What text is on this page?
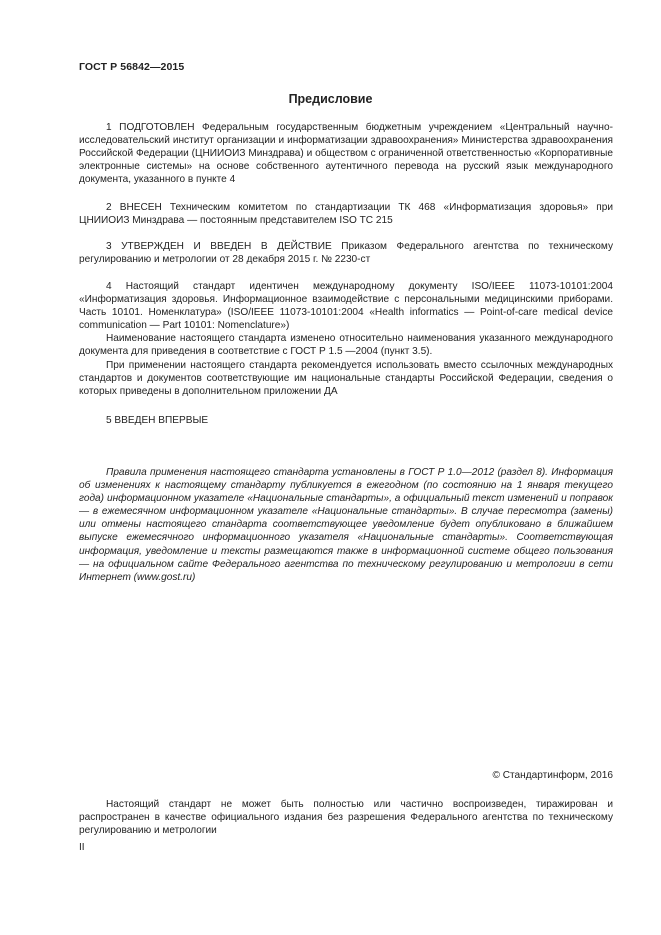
ГОСТ Р 56842—2015
Предисловие

1 ПОДГОТОВЛЕН Федеральным государственным бюджетным учреждением «Центральный научно-исследовательский институт организации и информатизации здравоохранения» Министерства здравоохранения Российской Федерации (ЦНИИОИЗ Минздрава) и обществом с ограниченной ответственностью «Корпоративные электронные системы» на основе собственного аутентичного перевода на русский язык международного документа, указанного в пункте 4

2 ВНЕСЕН Техническим комитетом по стандартизации ТК 468 «Информатизация здоровья» при ЦНИИОИЗ Минздрава — постоянным представителем ISO ТС 215

3 УТВЕРЖДЕН И ВВЕДЕН В ДЕЙСТВИЕ Приказом Федерального агентства по техническому регулированию и метрологии от 28 декабря 2015 г. № 2230-ст

4 Настоящий стандарт идентичен международному документу ISO/IEEE 11073-10101:2004 «Информатизация здоровья. Информационное взаимодействие с персональными медицинскими приборами. Часть 10101. Номенклатура» (ISO/IEEE 11073-10101:2004 «Health informatics — Point-of-care medical device communication — Part 10101: Nomenclature»)

Наименование настоящего стандарта изменено относительно наименования указанного международного документа для приведения в соответствие с ГОСТ Р 1.5 —2004 (пункт 3.5).

При применении настоящего стандарта рекомендуется использовать вместо ссылочных международных стандартов и документов соответствующие им национальные стандарты Российской Федерации, сведения о которых приведены в дополнительном приложении ДА

5 ВВЕДЕН ВПЕРВЫЕ

Правила применения настоящего стандарта установлены в ГОСТ Р 1.0—2012 (раздел 8). Информация об изменениях к настоящему стандарту публикуется в ежегодном (по состоянию на 1 января текущего года) информационном указателе «Национальные стандарты», а официальный текст изменений и поправок — в ежемесячном информационном указателе «Национальные стандарты». В случае пересмотра (замены) или отмены настоящего стандарта соответствующее уведомление будет опубликовано в ближайшем выпуске ежемесячного информационного указателя «Национальные стандарты». Соответствующая информация, уведомление и тексты размещаются также в информационной системе общего пользования — на официальном сайте Федерального агентства по техническому регулированию и метрологии в сети Интернет (www.gost.ru)

© Стандартинформ, 2016

Настоящий стандарт не может быть полностью или частично воспроизведен, тиражирован и распространен в качестве официального издания без разрешения Федерального агентства по техническому регулированию и метрологии

II
